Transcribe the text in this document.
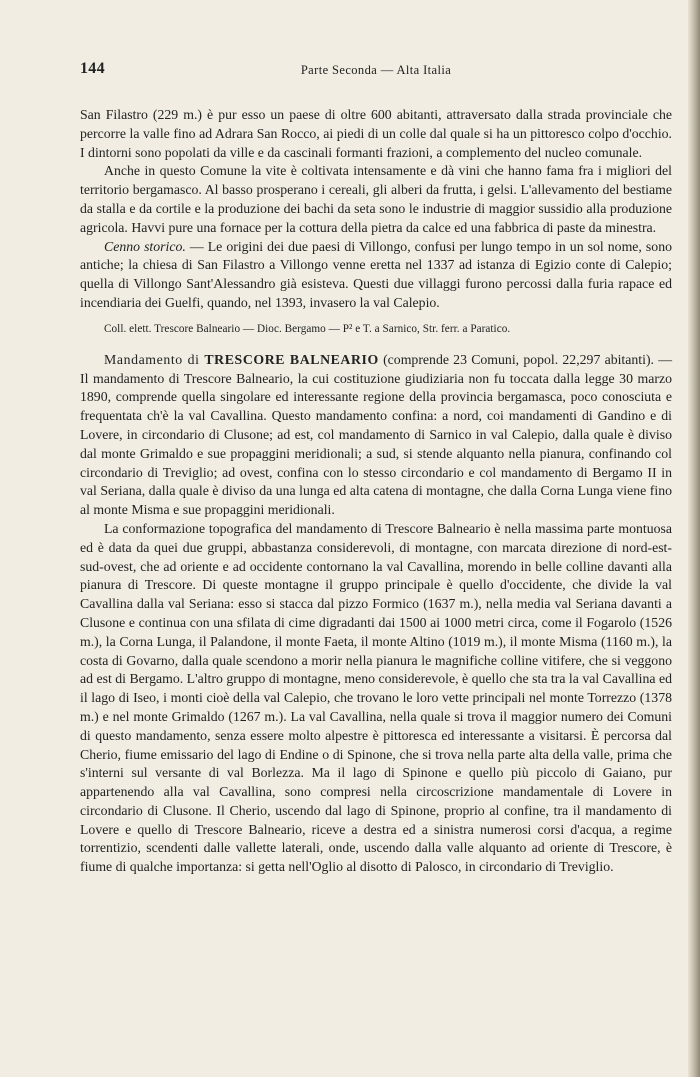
144	Parte Seconda — Alta Italia

San Filastro (229 m.) è pur esso un paese di oltre 600 abitanti, attraversato dalla strada provinciale che percorre la valle fino ad Adrara San Rocco, ai piedi di un colle dal quale si ha un pittoresco colpo d'occhio. I dintorni sono popolati da ville e da cascinali formanti frazioni, a complemento del nucleo comunale.

Anche in questo Comune la vite è coltivata intensamente e dà vini che hanno fama fra i migliori del territorio bergamasco. Al basso prosperano i cereali, gli alberi da frutta, i gelsi. L'allevamento del bestiame da stalla e da cortile e la produzione dei bachi da seta sono le industrie di maggior sussidio alla produzione agricola. Havvi pure una fornace per la cottura della pietra da calce ed una fabbrica di paste da minestra.

Cenno storico. — Le origini dei due paesi di Villongo, confusi per lungo tempo in un sol nome, sono antiche; la chiesa di San Filastro a Villongo venne eretta nel 1337 ad istanza di Egizio conte di Calepio; quella di Villongo Sant'Alessandro già esisteva. Questi due villaggi furono percossi dalla furia rapace ed incendiaria dei Guelfi, quando, nel 1393, invasero la val Calepio.

Coll. elett. Trescore Balneario — Dioc. Bergamo — P² e T. a Sarnico, Str. ferr. a Paratico.

Mandamento di TRESCORE BALNEARIO (comprende 23 Comuni, popol. 22,297 abitanti). — Il mandamento di Trescore Balneario, la cui costituzione giudiziaria non fu toccata dalla legge 30 marzo 1890, comprende quella singolare ed interessante regione della provincia bergamasca, poco conosciuta e frequentata ch'è la val Cavallina. Questo mandamento confina: a nord, coi mandamenti di Gandino e di Lovere, in circondario di Clusone; ad est, col mandamento di Sarnico in val Calepio, dalla quale è diviso dal monte Grimaldo e sue propaggini meridionali; a sud, si stende alquanto nella pianura, confinando col circondario di Treviglio; ad ovest, confina con lo stesso circondario e col mandamento di Bergamo II in val Seriana, dalla quale è diviso da una lunga ed alta catena di montagne, che dalla Corna Lunga viene fino al monte Misma e sue propaggini meridionali.

La conformazione topografica del mandamento di Trescore Balneario è nella massima parte montuosa ed è data da quei due gruppi, abbastanza considerevoli, di montagne, con marcata direzione di nord-est-sud-ovest, che ad oriente e ad occidente contornano la val Cavallina, morendo in belle colline davanti alla pianura di Trescore. Di queste montagne il gruppo principale è quello d'occidente, che divide la val Cavallina dalla val Seriana: esso si stacca dal pizzo Formico (1637 m.), nella media val Seriana davanti a Clusone e continua con una sfilata di cime digradanti dai 1500 ai 1000 metri circa, come il Fogarolo (1526 m.), la Corna Lunga, il Palandone, il monte Faeta, il monte Altino (1019 m.), il monte Misma (1160 m.), la costa di Govarno, dalla quale scendono a morir nella pianura le magnifiche colline vitifere, che si veggono ad est di Bergamo. L'altro gruppo di montagne, meno considerevole, è quello che sta tra la val Cavallina ed il lago di Iseo, i monti cioè della val Calepio, che trovano le loro vette principali nel monte Torrezzo (1378 m.) e nel monte Grimaldo (1267 m.). La val Cavallina, nella quale si trova il maggior numero dei Comuni di questo mandamento, senza essere molto alpestre è pittoresca ed interessante a visitarsi. È percorsa dal Cherio, fiume emissario del lago di Endine o di Spinone, che si trova nella parte alta della valle, prima che s'interni sul versante di val Borlezza. Ma il lago di Spinone e quello più piccolo di Gaiano, pur appartenendo alla val Cavallina, sono compresi nella circoscrizione mandamentale di Lovere in circondario di Clusone. Il Cherio, uscendo dal lago di Spinone, proprio al confine, tra il mandamento di Lovere e quello di Trescore Balneario, riceve a destra ed a sinistra numerosi corsi d'acqua, a regime torrentizio, scendenti dalle vallette laterali, onde, uscendo dalla valle alquanto ad oriente di Trescore, è fiume di qualche importanza: si getta nell'Oglio al disotto di Palosco, in circondario di Treviglio.
